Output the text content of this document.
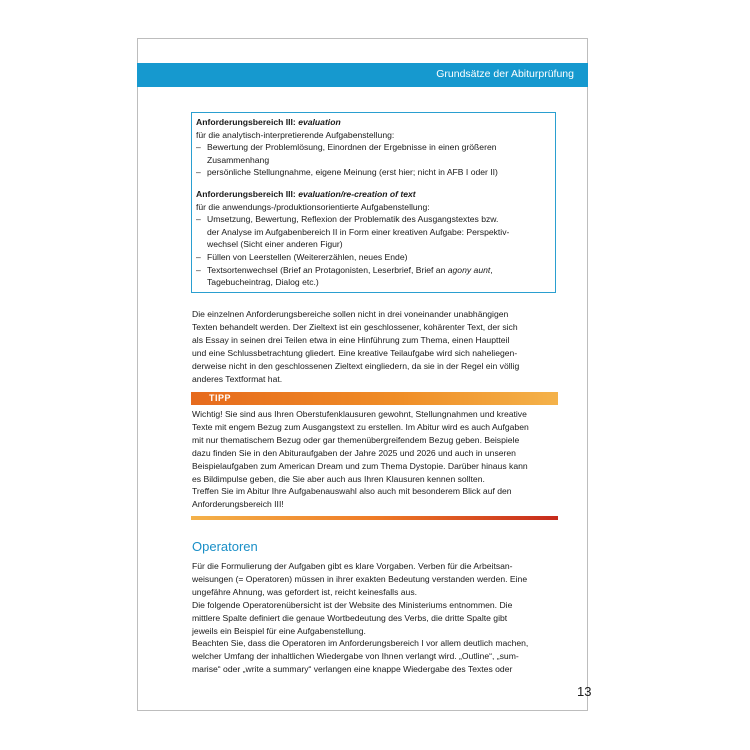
Grundsätze der Abiturprüfung
Anforderungsbereich III: evaluation
für die analytisch-interpretierende Aufgabenstellung:
– Bewertung der Problemlösung, Einordnen der Ergebnisse in einen größeren
Zusammenhang
– persönliche Stellungnahme, eigene Meinung (erst hier; nicht in AFB I oder II)
Anforderungsbereich III: evaluation/re-creation of text
für die anwendungs-/produktionsorientierte Aufgabenstellung:
– Umsetzung, Bewertung, Reflexion der Problematik des Ausgangstextes bzw.
der Analyse im Aufgabenbereich II in Form einer kreativen Aufgabe: Perspektiv-
wechsel (Sicht einer anderen Figur)
– Füllen von Leerstellen (Weitererzählen, neues Ende)
– Textsortenwechsel (Brief an Protagonisten, Leserbrief, Brief an agony aunt,
Tagebucheintrag, Dialog etc.)
Die einzelnen Anforderungsbereiche sollen nicht in drei voneinander unabhängigen
Texten behandelt werden. Der Zieltext ist ein geschlossener, kohärenter Text, der sich
als Essay in seinen drei Teilen etwa in eine Hinführung zum Thema, einen Hauptteil
und eine Schlussbetrachtung gliedert. Eine kreative Teilaufgabe wird sich naheliegen-
derweise nicht in den geschlossenen Zieltext eingliedern, da sie in der Regel ein völlig
anderes Textformat hat.
TIPP
Wichtig! Sie sind aus Ihren Oberstufenklausuren gewohnt, Stellungnahmen und kreative
Texte mit engem Bezug zum Ausgangstext zu erstellen. Im Abitur wird es auch Aufgaben
mit nur thematischem Bezug oder gar themenübergreifendem Bezug geben. Beispiele
dazu finden Sie in den Abituraufgaben der Jahre 2025 und 2026 und auch in unseren
Beispielaufgaben zum American Dream und zum Thema Dystopie. Darüber hinaus kann
es Bildimpulse geben, die Sie aber auch aus Ihren Klausuren kennen sollten.
Treffen Sie im Abitur Ihre Aufgabenauswahl also auch mit besonderem Blick auf den
Anforderungsbereich III!
Operatoren
Für die Formulierung der Aufgaben gibt es klare Vorgaben. Verben für die Arbeitsan-
weisungen (= Operatoren) müssen in ihrer exakten Bedeutung verstanden werden. Eine
ungefähre Ahnung, was gefordert ist, reicht keinesfalls aus.
Die folgende Operatorenübersicht ist der Website des Ministeriums entnommen. Die
mittlere Spalte definiert die genaue Wortbedeutung des Verbs, die dritte Spalte gibt
jeweils ein Beispiel für eine Aufgabenstellung.
Beachten Sie, dass die Operatoren im Anforderungsbereich I vor allem deutlich machen,
welcher Umfang der inhaltlichen Wiedergabe von Ihnen verlangt wird. „Outline“, „sum-
marise“ oder „write a summary“ verlangen eine knappe Wiedergabe des Textes oder
13
